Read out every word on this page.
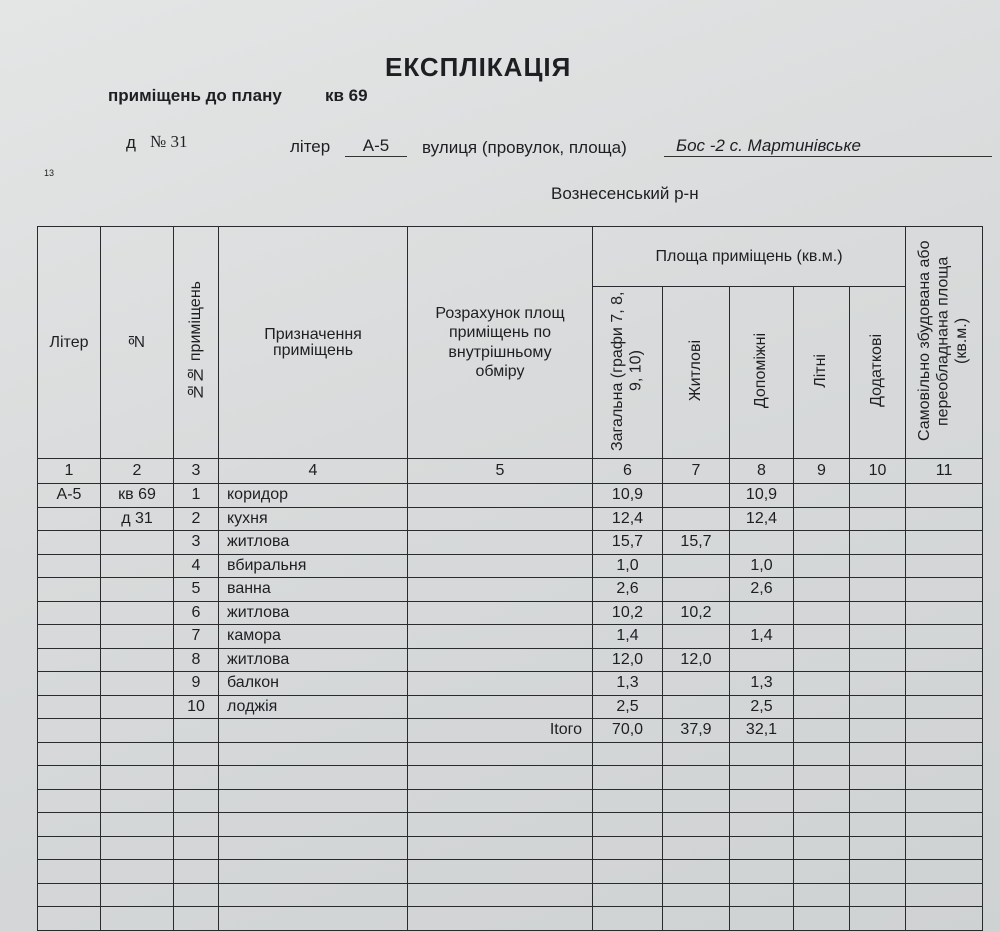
ЕКСПЛІКАЦІЯ
приміщень до плану	кв 69
д № 31	літер	А-5	вулиця (провулок, площа)	Бос -2 с. Мартинівське
13
Вознесенський р-н
Літер	№	№№ приміщень	Призначення приміщень	Розрахунок площ приміщень по внутрішньому обміру	Площа приміщень (кв.м.)					Самовільно збудована або переобладнана площа (кв.м.)
					Загальна (графи 7, 8, 9, 10)	Житлові	Допоміжні	Літні	Додаткові	
1	2	3	4	5	6	7	8	9	10	11
А-5	кв 69	1	коридор		10,9		10,9			
	д 31	2	кухня		12,4		12,4			
		3	житлова		15,7	15,7				
		4	вбиральня		1,0		1,0			
		5	ванна		2,6		2,6			
		6	житлова		10,2	10,2				
		7	камора		1,4		1,4			
		8	житлова		12,0	12,0				
		9	балкон		1,3		1,3			
		10	лоджія		2,5		2,5			
				Itого	70,0	37,9	32,1			
